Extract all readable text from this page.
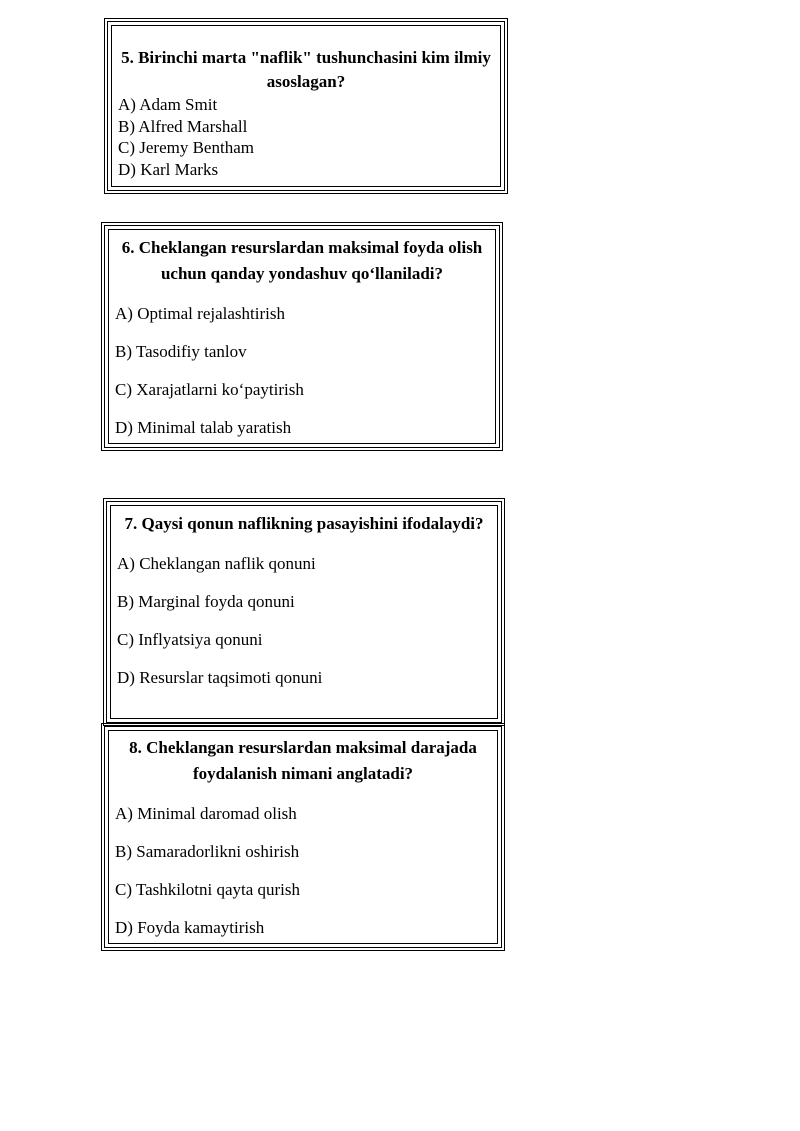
5. Birinchi marta "naflik" tushunchasini kim ilmiy asoslagan?

A) Adam Smit

B) Alfred Marshall

C) Jeremy Bentham

D) Karl Marks

6. Cheklangan resurslardan maksimal foyda olish uchun qanday yondashuv qo‘llaniladi?

A) Optimal rejalashtirish

B) Tasodifiy tanlov

C) Xarajatlarni ko‘paytirish

D) Minimal talab yaratish

7. Qaysi qonun naflikning pasayishini ifodalaydi?

A) Cheklangan naflik qonuni

B) Marginal foyda qonuni

C) Inflyatsiya qonuni

D) Resurslar taqsimoti qonuni

8. Cheklangan resurslardan maksimal darajada foydalanish nimani anglatadi?

A) Minimal daromad olish

B) Samaradorlikni oshirish

C) Tashkilotni qayta qurish

D) Foyda kamaytirish
